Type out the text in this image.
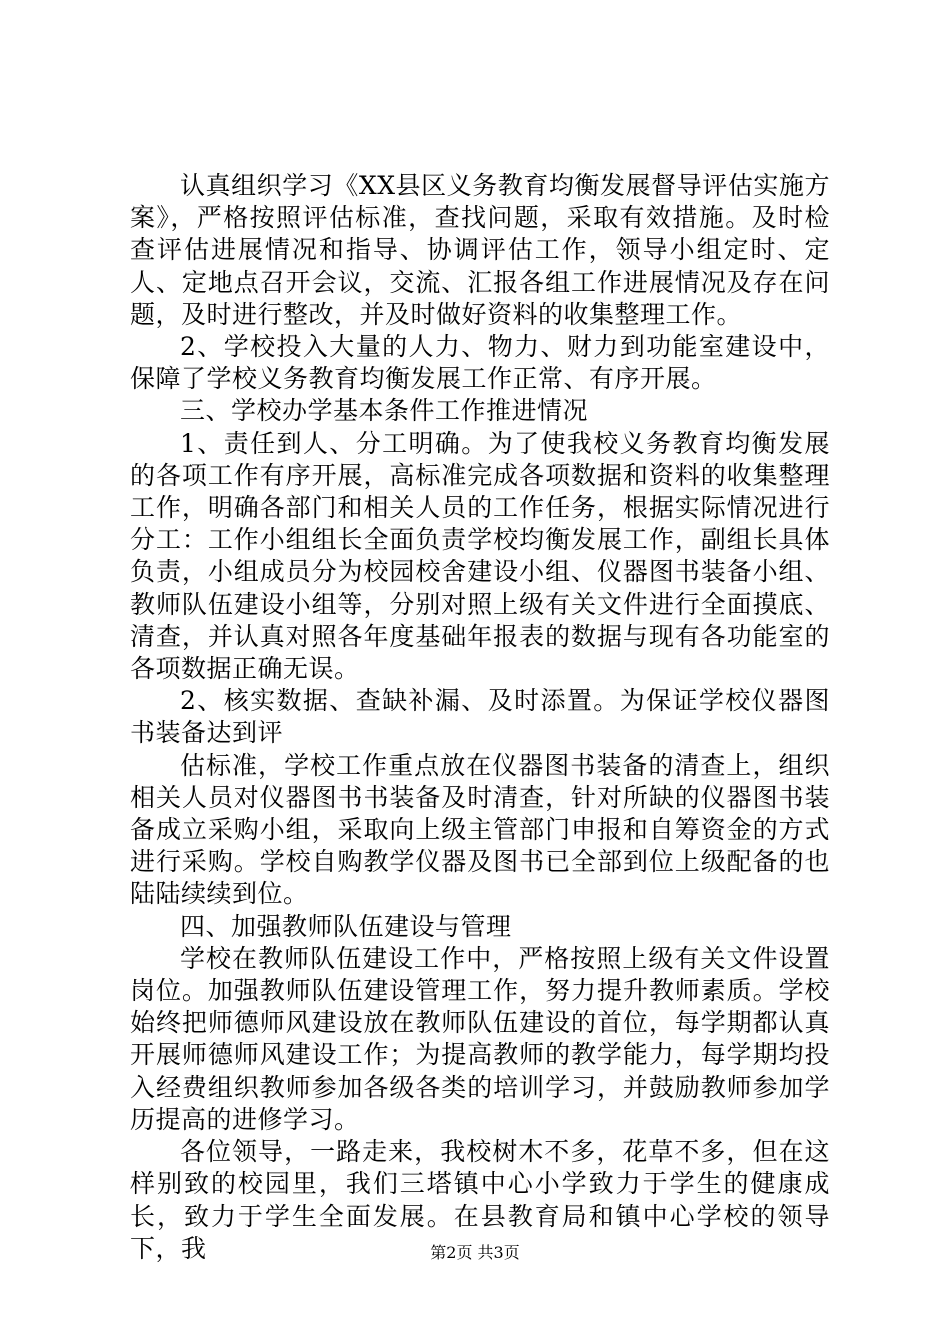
认真组织学习《XX县区义务教育均衡发展督导评估实施方案》，严格按照评估标准，查找问题，采取有效措施。及时检查评估进展情况和指导、协调评估工作，领导小组定时、定人、定地点召开会议，交流、汇报各组工作进展情况及存在问题，及时进行整改，并及时做好资料的收集整理工作。

2、学校投入大量的人力、物力、财力到功能室建设中，保障了学校义务教育均衡发展工作正常、有序开展。

三、学校办学基本条件工作推进情况

1、责任到人、分工明确。为了使我校义务教育均衡发展的各项工作有序开展，高标准完成各项数据和资料的收集整理工作，明确各部门和相关人员的工作任务，根据实际情况进行分工：工作小组组长全面负责学校均衡发展工作，副组长具体负责，小组成员分为校园校舍建设小组、仪器图书装备小组、教师队伍建设小组等，分别对照上级有关文件进行全面摸底、清查，并认真对照各年度基础年报表的数据与现有各功能室的各项数据正确无误。

2、核实数据、查缺补漏、及时添置。为保证学校仪器图书装备达到评

估标准，学校工作重点放在仪器图书装备的清查上，组织相关人员对仪器图书书装备及时清查，针对所缺的仪器图书装备成立采购小组，采取向上级主管部门申报和自筹资金的方式进行采购。学校自购教学仪器及图书已全部到位上级配备的也陆陆续续到位。

四、加强教师队伍建设与管理

学校在教师队伍建设工作中，严格按照上级有关文件设置岗位。加强教师队伍建设管理工作，努力提升教师素质。学校始终把师德师风建设放在教师队伍建设的首位，每学期都认真开展师德师风建设工作；为提高教师的教学能力，每学期均投入经费组织教师参加各级各类的培训学习，并鼓励教师参加学历提高的进修学习。

各位领导，一路走来，我校树木不多，花草不多，但在这样别致的校园里，我们三塔镇中心小学致力于学生的健康成长，致力于学生全面发展。在县教育局和镇中心学校的领导下，我	第2页 共3页
